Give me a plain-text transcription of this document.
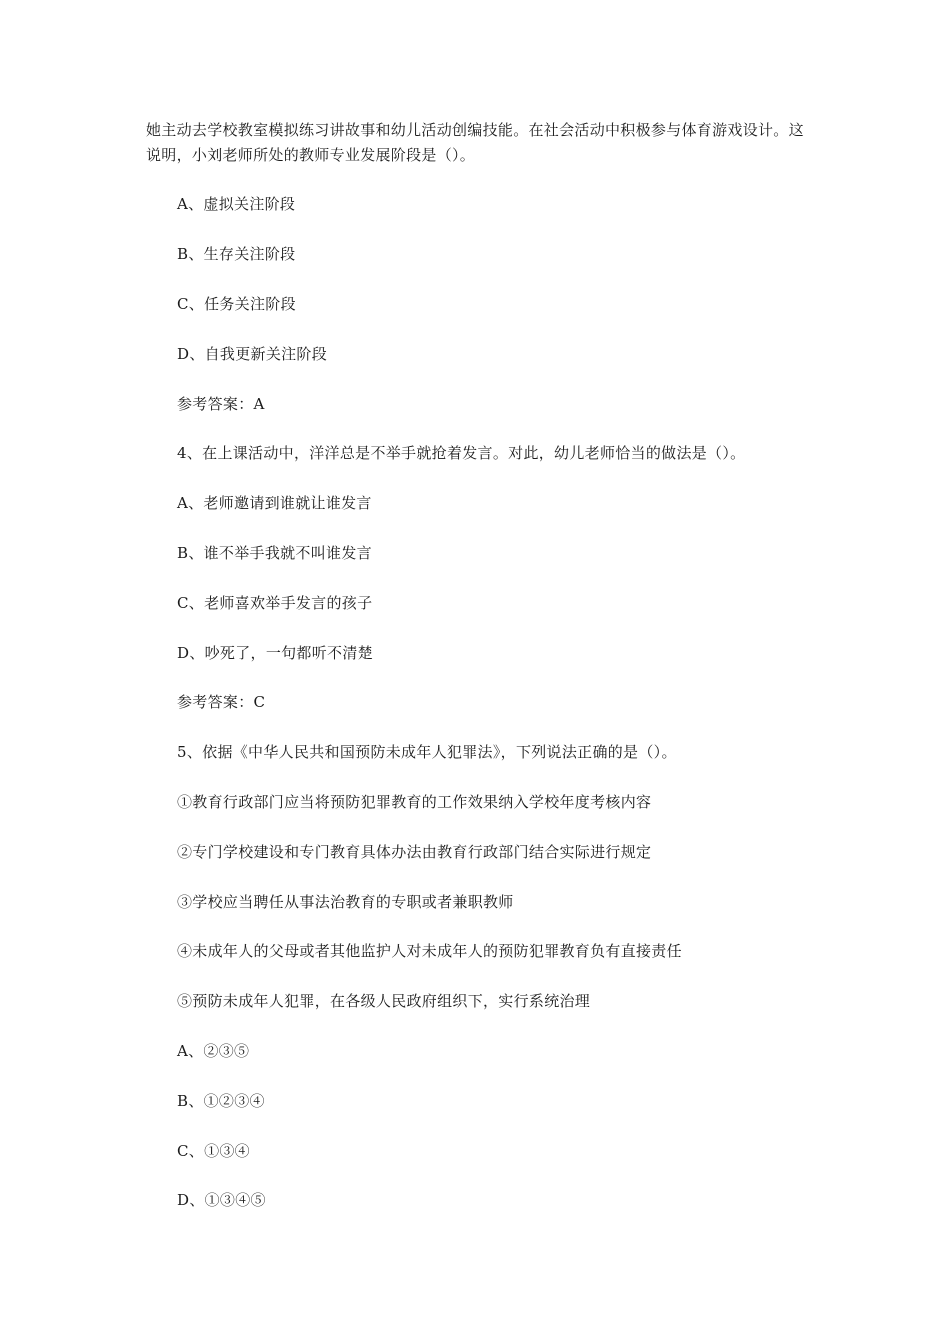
她主动去学校教室模拟练习讲故事和幼儿活动创编技能。在社会活动中积极参与体育游戏设计。这说明，小刘老师所处的教师专业发展阶段是（）。
A、虚拟关注阶段
B、生存关注阶段
C、任务关注阶段
D、自我更新关注阶段
参考答案：A
4、在上课活动中，洋洋总是不举手就抢着发言。对此，幼儿老师恰当的做法是（）。
A、老师邀请到谁就让谁发言
B、谁不举手我就不叫谁发言
C、老师喜欢举手发言的孩子
D、吵死了，一句都听不清楚
参考答案：C
5、依据《中华人民共和国预防未成年人犯罪法》，下列说法正确的是（）。
①教育行政部门应当将预防犯罪教育的工作效果纳入学校年度考核内容
②专门学校建设和专门教育具体办法由教育行政部门结合实际进行规定
③学校应当聘任从事法治教育的专职或者兼职教师
④未成年人的父母或者其他监护人对未成年人的预防犯罪教育负有直接责任
⑤预防未成年人犯罪，在各级人民政府组织下，实行系统治理
A、②③⑤
B、①②③④
C、①③④
D、①③④⑤
